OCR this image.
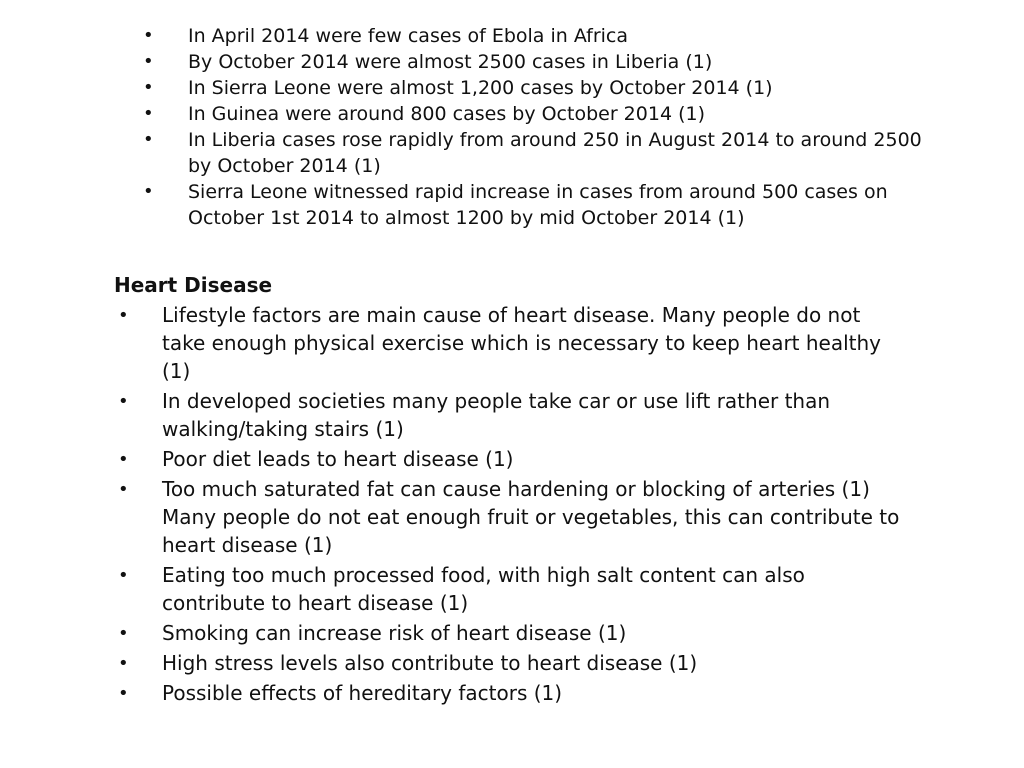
• In April 2014 were few cases of Ebola in Africa
• By October 2014 were almost 2500 cases in Liberia (1)
• In Sierra Leone were almost 1,200 cases by October 2014 (1)
• In Guinea were around 800 cases by October 2014 (1)
• In Liberia cases rose rapidly from around 250 in August 2014 to around 2500 by October 2014 (1)
• Sierra Leone witnessed rapid increase in cases from around 500 cases on October 1st 2014 to almost 1200 by mid October 2014 (1)
Heart Disease
• Lifestyle factors are main cause of heart disease. Many people do not take enough physical exercise which is necessary to keep heart healthy (1)
• In developed societies many people take car or use lift rather than walking/taking stairs (1)
• Poor diet leads to heart disease (1)
• Too much saturated fat can cause hardening or blocking of arteries (1) Many people do not eat enough fruit or vegetables, this can contribute to heart disease (1)
• Eating too much processed food, with high salt content can also contribute to heart disease (1)
• Smoking can increase risk of heart disease (1)
• High stress levels also contribute to heart disease (1)
• Possible effects of hereditary factors (1)
